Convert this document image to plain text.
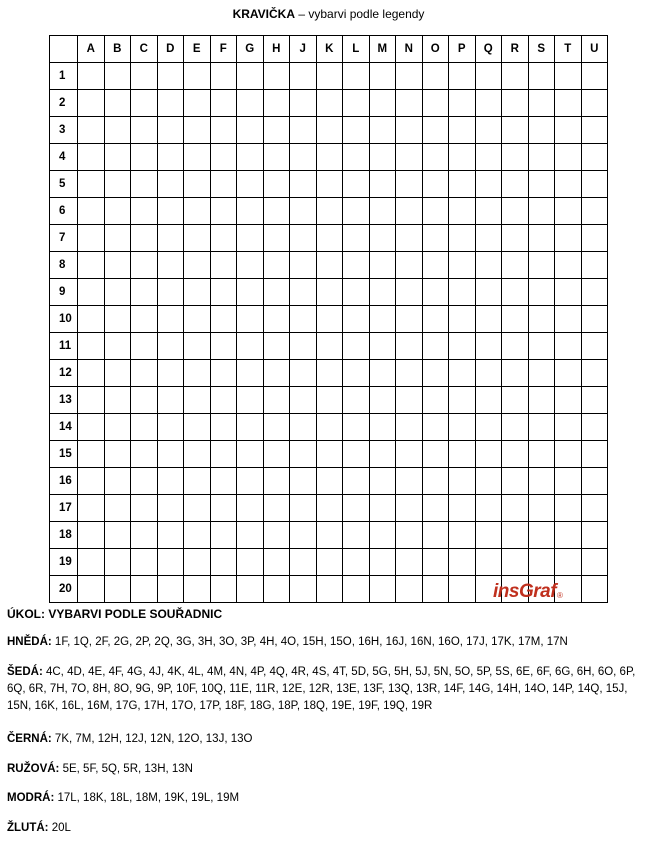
KRAVIČKA – vybarvi podle legendy
	A	B	C	D	E	F	G	H	J	K	L	M	N	O	P	Q	R	S	T	U
1																				
2																				
3																				
4																				
5																				
6																				
7																				
8																				
9																				
10																				
11																				
12																				
13																				
14																				
15																				
16																				
17																				
18																				
19																				
20																					insGraf ®
ÚKOL: VYBARVI PODLE SOUŘADNIC
HNĚDÁ: 1F, 1Q, 2F, 2G, 2P, 2Q, 3G, 3H, 3O, 3P, 4H, 4O, 15H, 15O, 16H, 16J, 16N, 16O, 17J, 17K, 17M, 17N
ŠEDÁ: 4C, 4D, 4E, 4F, 4G, 4J, 4K, 4L, 4M, 4N, 4P, 4Q, 4R, 4S, 4T, 5D, 5G, 5H, 5J, 5N, 5O, 5P, 5S, 6E, 6F, 6G, 6H, 6O, 6P, 6Q, 6R, 7H, 7O, 8H, 8O, 9G, 9P, 10F, 10Q, 11E, 11R, 12E, 12R, 13E, 13F, 13Q, 13R, 14F, 14G, 14H, 14O, 14P, 14Q, 15J, 15N, 16K, 16L, 16M, 17G, 17H, 17O, 17P, 18F, 18G, 18P, 18Q, 19E, 19F, 19Q, 19R
ČERNÁ: 7K, 7M, 12H, 12J, 12N, 12O, 13J, 13O
RUŽOVÁ: 5E, 5F, 5Q, 5R, 13H, 13N
MODRÁ: 17L, 18K, 18L, 18M, 19K, 19L, 19M
ŽLUTÁ: 20L
